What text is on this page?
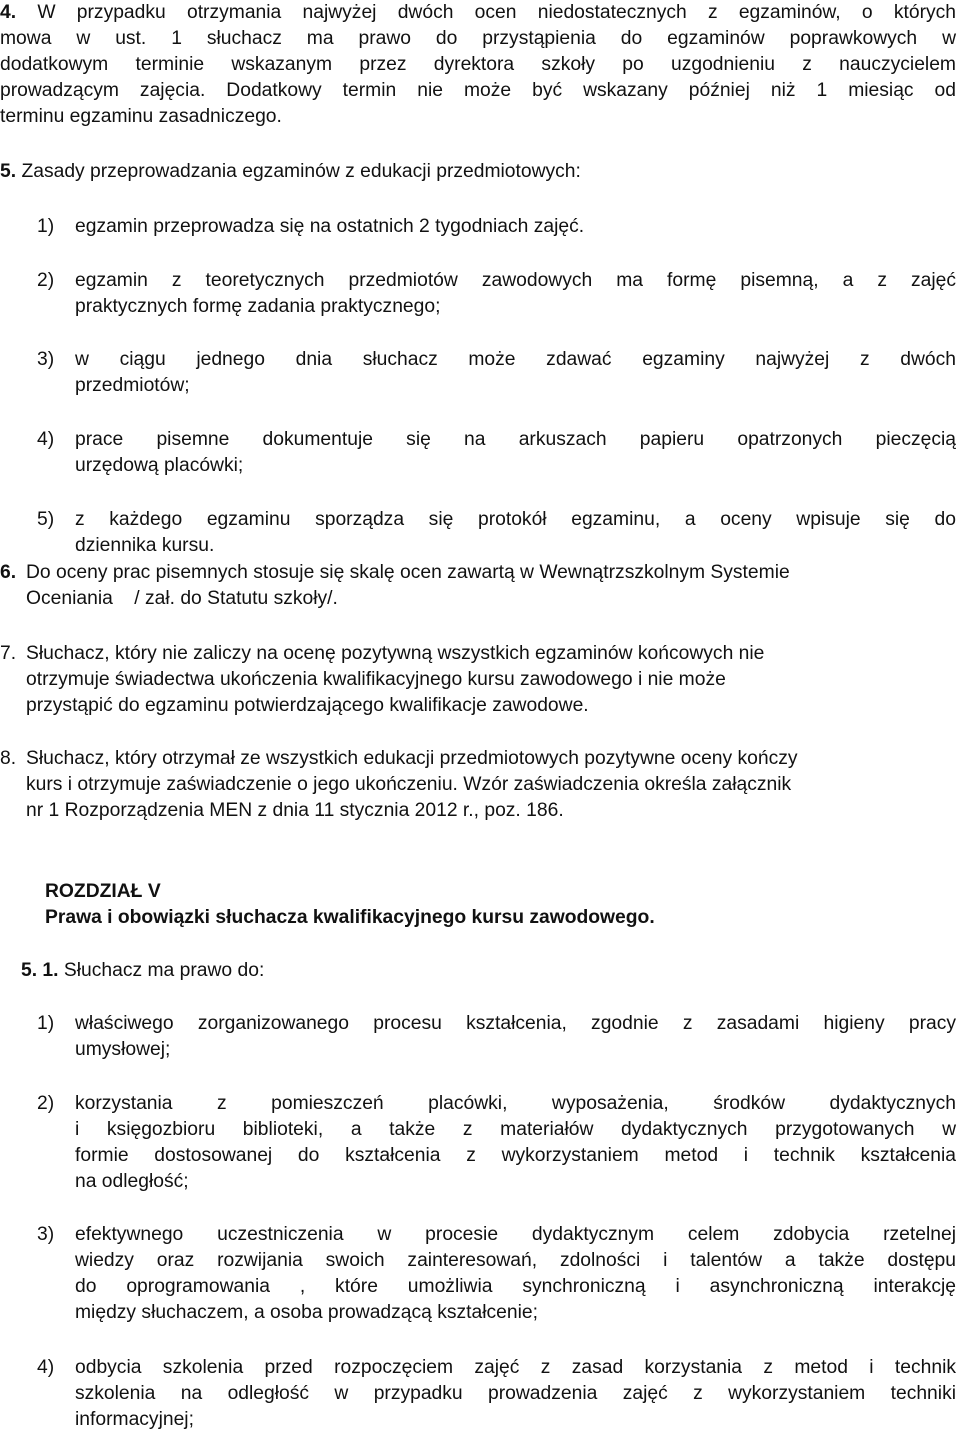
4. W przypadku otrzymania najwyżej dwóch ocen niedostatecznych z egzaminów, o których
mowa w ust. 1 słuchacz ma prawo do przystąpienia do egzaminów poprawkowych w
dodatkowym terminie wskazanym przez dyrektora szkoły po uzgodnieniu z nauczycielem
prowadzącym zajęcia. Dodatkowy termin nie może być wskazany później niż 1 miesiąc od
terminu egzaminu zasadniczego.
5. Zasady przeprowadzania egzaminów z edukacji przedmiotowych:
1) egzamin przeprowadza się na ostatnich 2 tygodniach zajęć.
2) egzamin z teoretycznych przedmiotów zawodowych ma formę pisemną, a z zajęć
praktycznych formę zadania praktycznego;
3) w ciągu jednego dnia słuchacz może zdawać egzaminy najwyżej z dwóch
przedmiotów;
4) prace pisemne dokumentuje się na arkuszach papieru opatrzonych pieczęcią
urzędową placówki;
5) z każdego egzaminu sporządza się protokół egzaminu, a oceny wpisuje się do
dziennika kursu.
6. Do oceny prac pisemnych stosuje się skalę ocen zawartą w Wewnątrzszkolnym Systemie
Oceniania    / zał. do Statutu szkoły/.
7. Słuchacz, który nie zaliczy na ocenę pozytywną wszystkich egzaminów końcowych nie
otrzymuje świadectwa ukończenia kwalifikacyjnego kursu zawodowego i nie może
przystąpić do egzaminu potwierdzającego kwalifikacje zawodowe.
8. Słuchacz, który otrzymał ze wszystkich edukacji przedmiotowych pozytywne oceny kończy
kurs i otrzymuje zaświadczenie o jego ukończeniu. Wzór zaświadczenia określa załącznik
nr 1 Rozporządzenia MEN z dnia 11 stycznia 2012 r., poz. 186.
ROZDZIAŁ V
Prawa i obowiązki słuchacza kwalifikacyjnego kursu zawodowego.
5. 1. Słuchacz ma prawo do:
1) właściwego zorganizowanego procesu kształcenia, zgodnie z zasadami higieny pracy
umysłowej;
2) korzystania  z  pomieszczeń  placówki,  wyposażenia,  środków  dydaktycznych
i księgozbioru biblioteki, a także z materiałów dydaktycznych przygotowanych w
formie dostosowanej do kształcenia z wykorzystaniem metod i technik kształcenia
na odległość;
3) efektywnego uczestniczenia w procesie dydaktycznym celem zdobycia rzetelnej
wiedzy oraz rozwijania swoich zainteresowań, zdolności i talentów a także dostępu
do oprogramowania , które umożliwia synchroniczną i asynchroniczną interakcję
między słuchaczem, a osoba prowadzącą kształcenie;
4) odbycia szkolenia przed rozpoczęciem zajęć z zasad korzystania z metod i technik
szkolenia na odległość w przypadku prowadzenia zajęć z wykorzystaniem techniki
informacyjnej;
